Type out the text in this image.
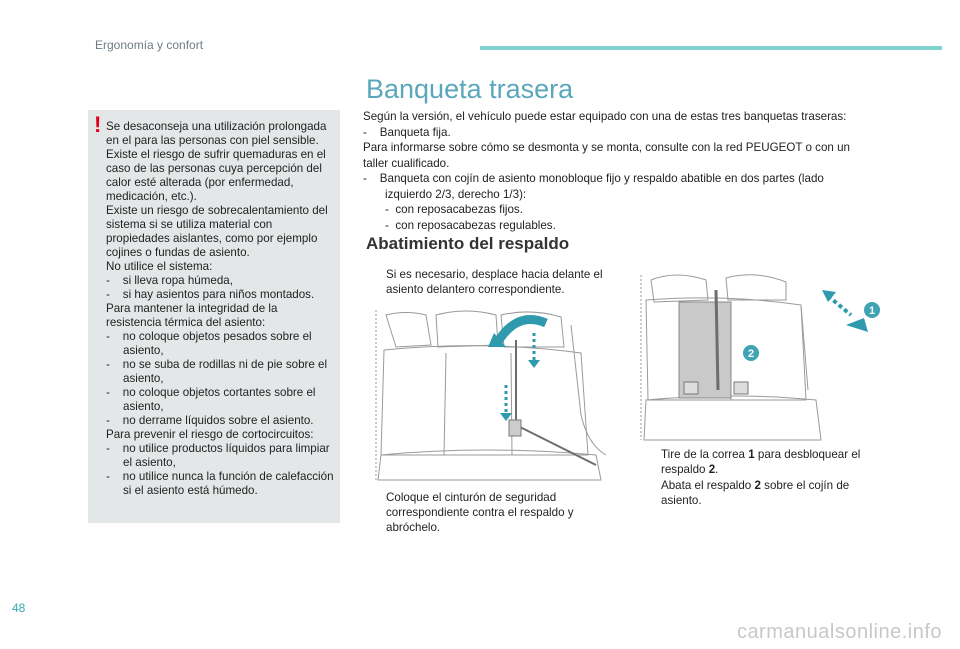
Ergonomía y confort

Se desaconseja una utilización prolongada en el para las personas con piel sensible.

Existe el riesgo de sufrir quemaduras en el caso de las personas cuya percepción del calor esté alterada (por enfermedad, medicación, etc.).

Existe un riesgo de sobrecalentamiento del sistema si se utiliza material con propiedades aislantes, como por ejemplo cojines o fundas de asiento.

No utilice el sistema:

- si lleva ropa húmeda,

- si hay asientos para niños montados.

Para mantener la integridad de la resistencia térmica del asiento:

- no coloque objetos pesados sobre el asiento,

- no se suba de rodillas ni de pie sobre el asiento,

- no coloque objetos cortantes sobre el asiento,

- no derrame líquidos sobre el asiento.

Para prevenir el riesgo de cortocircuitos:

- no utilice productos líquidos para limpiar el asiento,

- no utilice nunca la función de calefacción si el asiento está húmedo.

!
Banqueta trasera

Según la versión, el vehículo puede estar equipado con una de estas tres banquetas traseras:

- Banqueta fija.

Para informarse sobre cómo se desmonta y se monta, consulte con la red PEUGEOT o con un taller cualificado.

- Banqueta con cojín de asiento monobloque fijo y respaldo abatible en dos partes (lado izquierdo 2/3, derecho 1/3):

- con reposacabezas fijos.

- con reposacabezas regulables.

Abatimiento del respaldo
Si es necesario, desplace hacia delante el asiento delantero correspondiente.
1
2
Tire de la correa 1 para desbloquear el respaldo 2.
Abata el respaldo 2 sobre el cojín de asiento.
Coloque el cinturón de seguridad correspondiente contra el respaldo y abróchelo.
48
carmanualsonline.info
